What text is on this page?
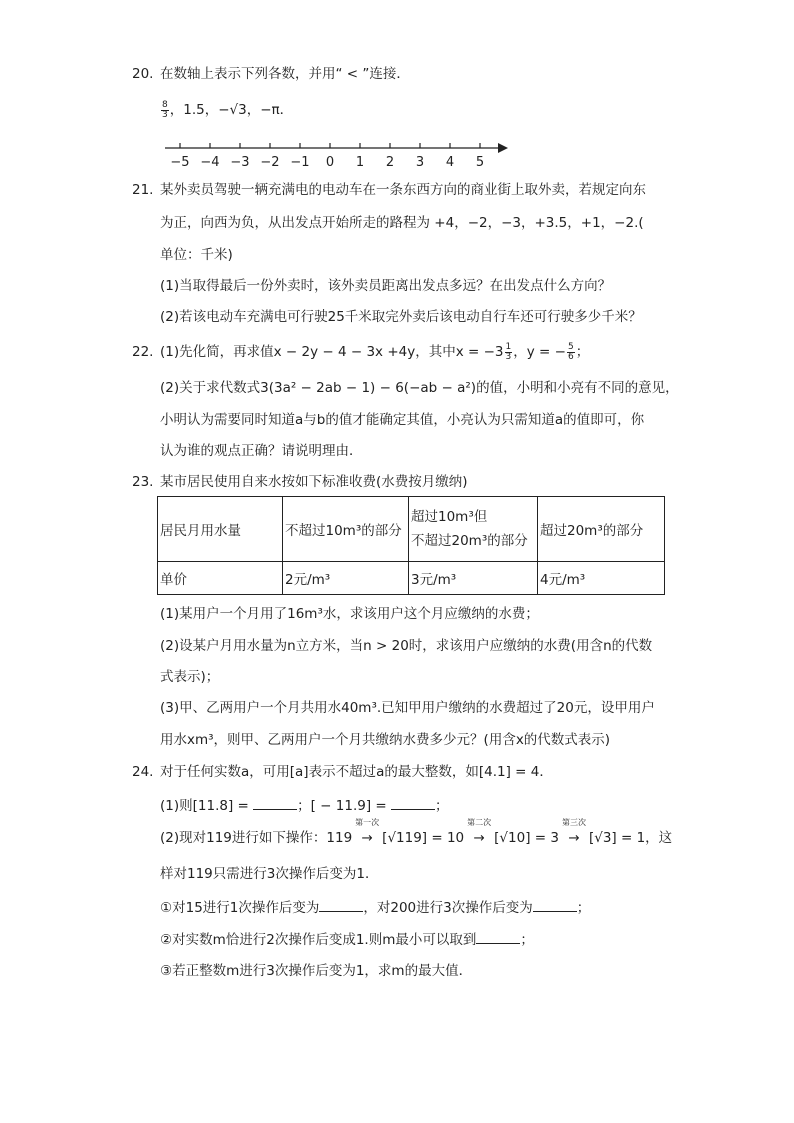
20. 在数轴上表示下列各数，并用“ < ”连接．
$\frac{8}{3}$ ，1.5，−√3，−π．
−5 −4 −3 −2 −1 0 1 2 3 4 5
21. 某外卖员驾驶一辆充满电的电动车在一条东西方向的商业街上取外卖，若规定向东
为正，向西为负，从出发点开始所走的路程为 +4，−2，−3，+3.5，+1，−2.(
单位：千米)
(1)当取得最后一份外卖时，该外卖员距离出发点多远？在出发点什么方向？
(2)若该电动车充满电可行驶25千米取完外卖后该电动自行车还可行驶多少千米？
22. (1)先化简，再求值x − 2y − 4 − 3x +4y，其中$x = -3 \frac{1}{3}$ ，y = − $\frac{5}{6}$ ；
(2)关于求代数式3(3a² − 2ab − 1) − 6(−ab − a²)的值，小明和小亮有不同的意见，
小明认为需要同时知道a与b的值才能确定其值，小亮认为只需知道a的值即可，你
认为谁的观点正确？请说明理由．
23. 某市居民使用自来水按如下标准收费(水费按月缴纳)
居民月用水量	不超过10m³的部分	超过10m³但
不超过20m³的部分	超过20m³的部分
单价	2元/m³	3元/m³	4元/m³
(1)某用户一个月用了16m³水，求该用户这个月应缴纳的水费；
(2)设某户月用水量为n立方米，当n > 20时，求该用户应缴纳的水费(用含n的代数
式表示)；
(3)甲、乙两用户一个月共用水40m³.已知甲用户缴纳的水费超过了20元，设甲用户
用水xm³，则甲、乙两用户一个月共缴纳水费多少元？(用含x的代数式表示)
24. 对于任何实数a，可用[a]表示不超过a的最大整数，如[4.1] = 4．
(1)则[11.8] =	；[ − 11.9] =	；
(2)现对119进行如下操作：119
第一次
→ [√119] = 10
第二次
→ [√10] = 3
第三次
→ [√3] = 1，这
样对119只需进行3次操作后变为1．
①对15进行1次操作后变为	，对200进行3次操作后变为	；
②对实数m恰进行2次操作后变成1.则m最小可以取到	；
③若正整数m进行3次操作后变为1，求m的最大值．
